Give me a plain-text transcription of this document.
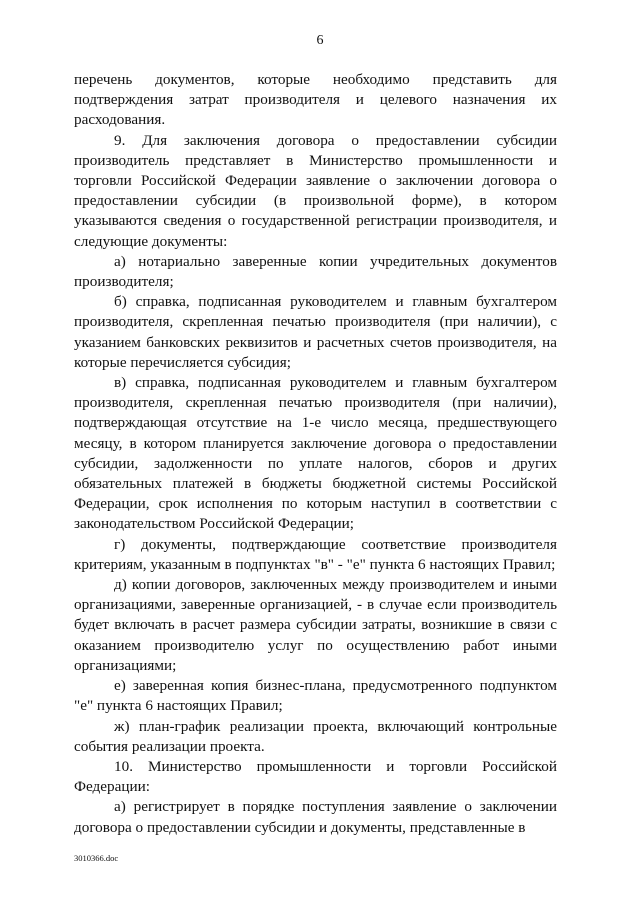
6

перечень документов, которые необходимо представить для подтверждения затрат производителя и целевого назначения их расходования.

9. Для заключения договора о предоставлении субсидии производитель представляет в Министерство промышленности и торговли Российской Федерации заявление о заключении договора о предоставлении субсидии (в произвольной форме), в котором указываются сведения о государственной регистрации производителя, и следующие документы:

а) нотариально заверенные копии учредительных документов производителя;

б) справка, подписанная руководителем и главным бухгалтером производителя, скрепленная печатью производителя (при наличии), с указанием банковских реквизитов и расчетных счетов производителя, на которые перечисляется субсидия;

в) справка, подписанная руководителем и главным бухгалтером производителя, скрепленная печатью производителя (при наличии), подтверждающая отсутствие на 1-е число месяца, предшествующего месяцу, в котором планируется заключение договора о предоставлении субсидии, задолженности по уплате налогов, сборов и других обязательных платежей в бюджеты бюджетной системы Российской Федерации, срок исполнения по которым наступил в соответствии с законодательством Российской Федерации;

г) документы, подтверждающие соответствие производителя критериям, указанным в подпунктах "в" - "е" пункта 6 настоящих Правил;

д) копии договоров, заключенных между производителем и иными организациями, заверенные организацией, - в случае если производитель будет включать в расчет размера субсидии затраты, возникшие в связи с оказанием производителю услуг по осуществлению работ иными организациями;

е) заверенная копия бизнес-плана, предусмотренного подпунктом "е" пункта 6 настоящих Правил;

ж) план-график реализации проекта, включающий контрольные события реализации проекта.

10. Министерство промышленности и торговли Российской Федерации:

а) регистрирует в порядке поступления заявление о заключении договора о предоставлении субсидии и документы, представленные в

3010366.doc
